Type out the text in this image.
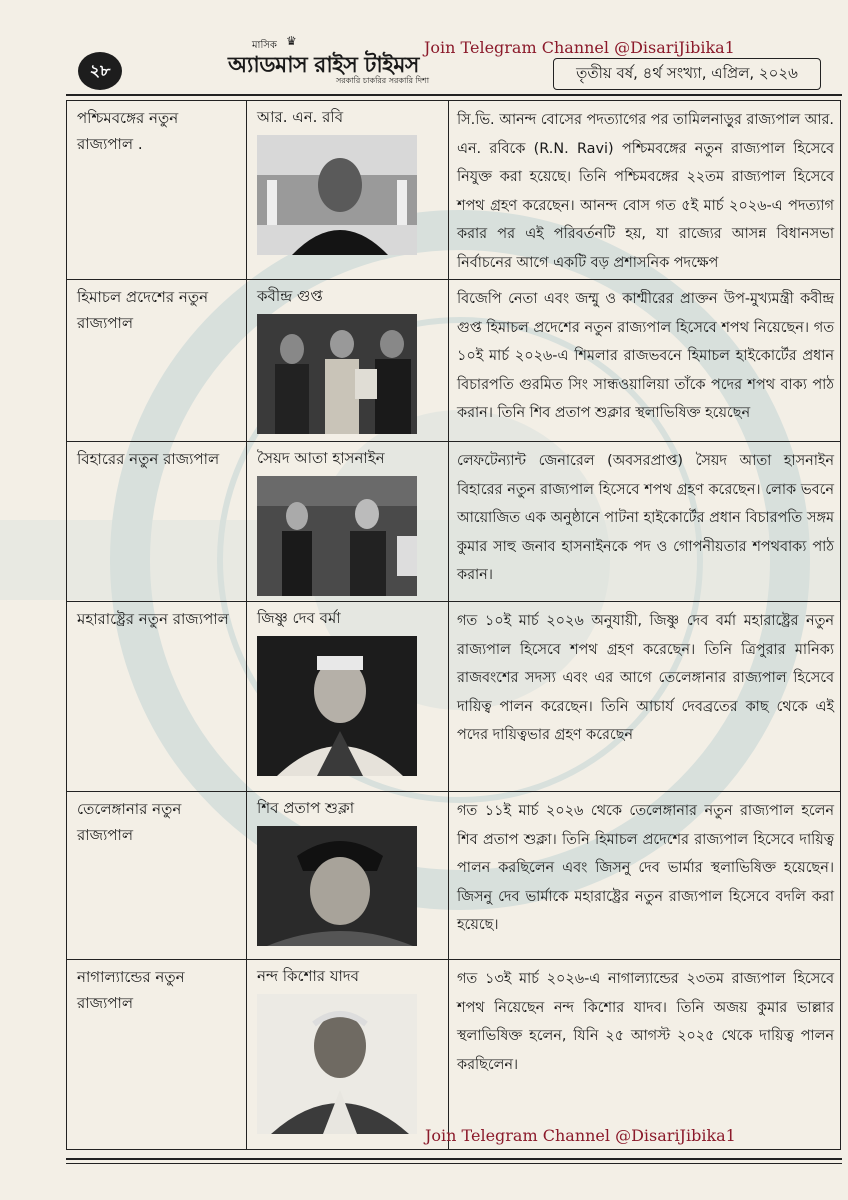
২৮
মাসিক ♛
অ্যাডমাস রাইস টাইমস
সরকারি চাকরির সরকারি দিশা
Join Telegram Channel @DisariJibika1
তৃতীয় বর্ষ, ৪র্থ সংখ্যা, এপ্রিল, ২০২৬
পশ্চিমবঙ্গের নতুন রাজ্যপাল .	আর. এন. রবি	সি.ভি. আনন্দ বোসের পদত্যাগের পর তামিলনাড়ুর রাজ্যপাল আর. এন. রবিকে (R.N. Ravi) পশ্চিমবঙ্গের নতুন রাজ্যপাল হিসেবে নিযুক্ত করা হয়েছে। তিনি পশ্চিমবঙ্গের ২২তম রাজ্যপাল হিসেবে শপথ গ্রহণ করেছেন। আনন্দ বোস গত ৫ই মার্চ ২০২৬-এ পদত্যাগ করার পর এই পরিবর্তনটি হয়, যা রাজ্যের আসন্ন বিধানসভা নির্বাচনের আগে একটি বড় প্রশাসনিক পদক্ষেপ

হিমাচল প্রদেশের নতুন রাজ্যপাল	কবীন্দ্র গুপ্ত	বিজেপি নেতা এবং জম্মু ও কাশ্মীরের প্রাক্তন উপ-মুখ্যমন্ত্রী কবীন্দ্র গুপ্ত হিমাচল প্রদেশের নতুন রাজ্যপাল হিসেবে শপথ নিয়েছেন। গত ১০ই মার্চ ২০২৬-এ শিমলার রাজভবনে হিমাচল হাইকোর্টের প্রধান বিচারপতি গুরমিত সিং সান্ধওয়ালিয়া তাঁকে পদের শপথ বাক্য পাঠ করান। তিনি শিব প্রতাপ শুক্লার স্থলাভিষিক্ত হয়েছেন

বিহারের নতুন রাজ্যপাল	সৈয়দ আতা হাসনাইন	লেফটেন্যান্ট জেনারেল (অবসরপ্রাপ্ত) সৈয়দ আতা হাসনাইন বিহারের নতুন রাজ্যপাল হিসেবে শপথ গ্রহণ করেছেন। লোক ভবনে আয়োজিত এক অনুষ্ঠানে পাটনা হাইকোর্টের প্রধান বিচারপতি সঙ্গম কুমার সাহু জনাব হাসনাইনকে পদ ও গোপনীয়তার শপথবাক্য পাঠ করান।

মহারাষ্ট্রের নতুন রাজ্যপাল	জিষ্ণু দেব বর্মা	গত ১০ই মার্চ ২০২৬ অনুযায়ী, জিষ্ণু দেব বর্মা মহারাষ্ট্রের নতুন রাজ্যপাল হিসেবে শপথ গ্রহণ করেছেন। তিনি ত্রিপুরার মানিক্য রাজবংশের সদস্য এবং এর আগে তেলেঙ্গানার রাজ্যপাল হিসেবে দায়িত্ব পালন করেছেন। তিনি আচার্য দেবব্রতের কাছ থেকে এই পদের দায়িত্বভার গ্রহণ করেছেন

তেলেঙ্গানার নতুন রাজ্যপাল	শিব প্রতাপ শুক্লা	গত ১১ই মার্চ ২০২৬ থেকে তেলেঙ্গানার নতুন রাজ্যপাল হলেন শিব প্রতাপ শুক্লা। তিনি হিমাচল প্রদেশের রাজ্যপাল হিসেবে দায়িত্ব পালন করছিলেন এবং জিসনু দেব ভার্মার স্থলাভিষিক্ত হয়েছেন। জিসনু দেব ভার্মাকে মহারাষ্ট্রের নতুন রাজ্যপাল হিসেবে বদলি করা হয়েছে।

নাগাল্যান্ডের নতুন রাজ্যপাল	নন্দ কিশোর যাদব	গত ১৩ই মার্চ ২০২৬-এ নাগাল্যান্ডের ২৩তম রাজ্যপাল হিসেবে শপথ নিয়েছেন নন্দ কিশোর যাদব। তিনি অজয় কুমার ভাল্লার স্থলাভিষিক্ত হলেন, যিনি ২৫ আগস্ট ২০২৫ থেকে দায়িত্ব পালন করছিলেন।
Join Telegram Channel @DisariJibika1
